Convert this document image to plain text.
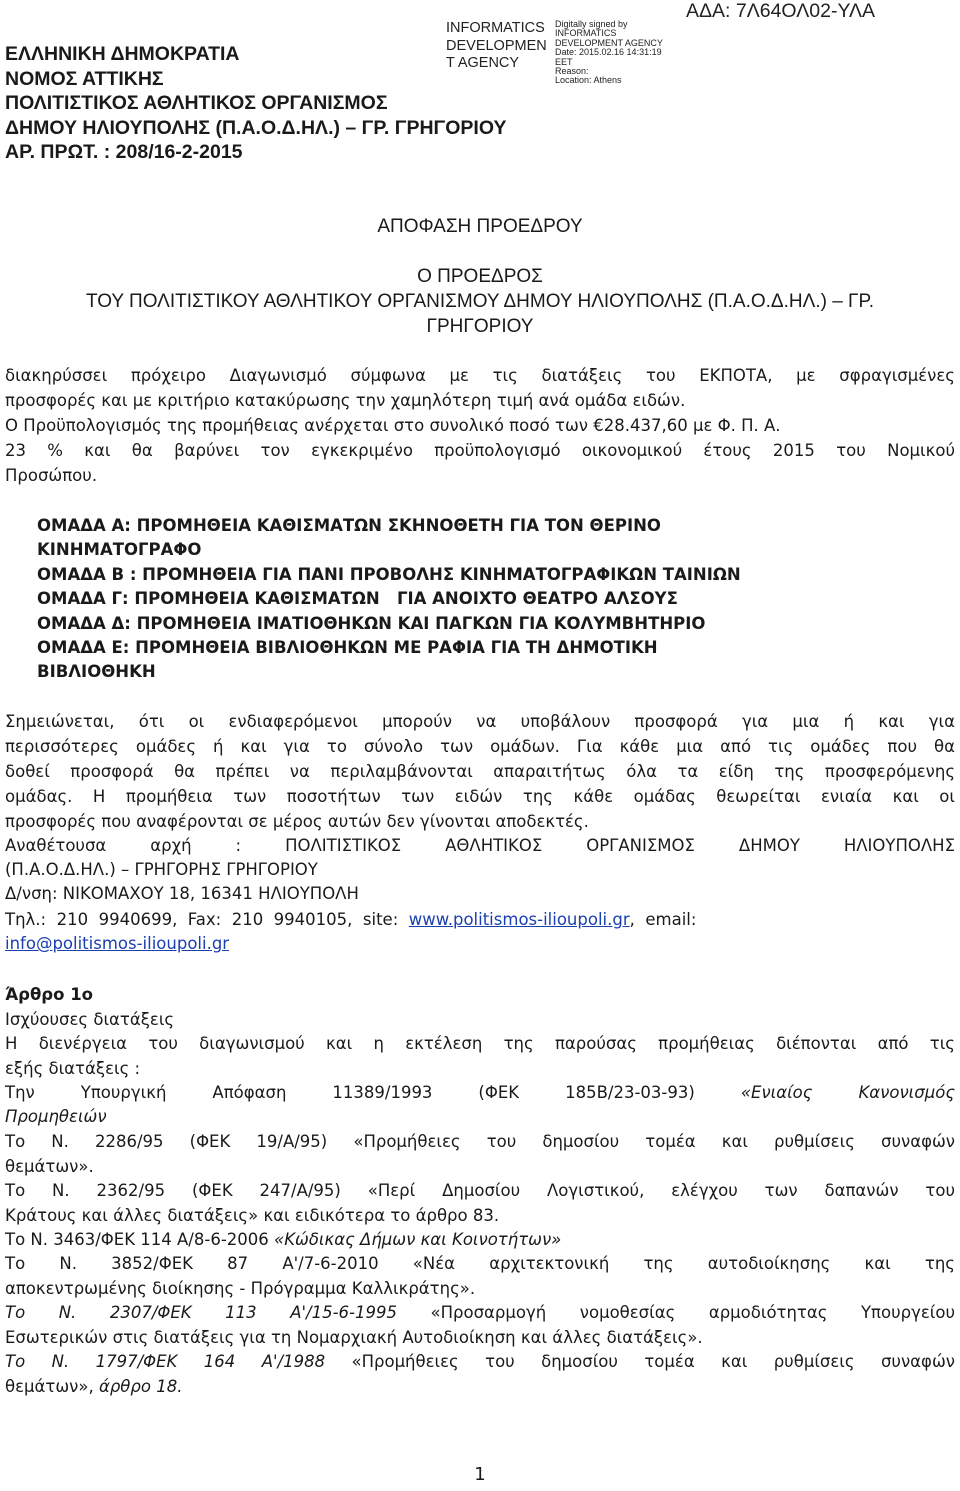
ΕΛΛΗΝΙΚΗ ΔΗΜΟΚΡΑΤΙΑ
ΝΟΜΟΣ ΑΤΤΙΚΗΣ
ΠΟΛΙΤΙΣΤΙΚΟΣ ΑΘΛΗΤΙΚΟΣ ΟΡΓΑΝΙΣΜΟΣ
ΔΗΜΟΥ ΗΛΙΟΥΠΟΛΗΣ (Π.Α.Ο.Δ.ΗΛ.) – ΓΡ. ΓΡΗΓΟΡΙΟΥ
ΑΡ. ΠΡΩΤ. : 208/16-2-2015
INFORMATICS
DEVELOPMEN
T AGENCY
Digitally signed by
INFORMATICS
DEVELOPMENT AGENCY
Date: 2015.02.16 14:31:19
EET
Reason:
Location: Athens
ΑΔΑ: 7Λ64ΟΛ02-ΥΛΑ
ΑΠΟΦΑΣΗ ΠΡΟΕΔΡΟΥ
Ο ΠΡΟΕΔΡΟΣ
ΤΟΥ ΠΟΛΙΤΙΣΤΙΚΟΥ ΑΘΛΗΤΙΚΟΥ ΟΡΓΑΝΙΣΜΟΥ ΔΗΜΟΥ ΗΛΙΟΥΠΟΛΗΣ (Π.Α.Ο.Δ.ΗΛ.) – ΓΡ.
ΓΡΗΓΟΡΙΟΥ
διακηρύσσει πρόχειρο Διαγωνισμό σύμφωνα με τις διατάξεις του ΕΚΠΟΤΑ, με σφραγισμένες
προσφορές και με κριτήριο κατακύρωσης την χαμηλότερη τιμή ανά ομάδα ειδών.
Ο Προϋπολογισμός της προμήθειας ανέρχεται στο συνολικό ποσό των €28.437,60 με Φ. Π. Α.
23 % και θα βαρύνει τον εγκεκριμένο προϋπολογισμό οικονομικού έτους 2015 του Νομικού
Προσώπου.
ΟΜΑΔΑ Α: ΠΡΟΜΗΘΕΙΑ ΚΑΘΙΣΜΑΤΩΝ ΣΚΗΝΟΘΕΤΗ ΓΙΑ ΤΟΝ ΘΕΡΙΝΟ
ΚΙΝΗΜΑΤΟΓΡΑΦΟ
ΟΜΑΔΑ Β : ΠΡΟΜΗΘΕΙΑ ΓΙΑ ΠΑΝΙ ΠΡΟΒΟΛΗΣ ΚΙΝΗΜΑΤΟΓΡΑΦΙΚΩΝ ΤΑΙΝΙΩΝ
ΟΜΑΔΑ Γ: ΠΡΟΜΗΘΕΙΑ ΚΑΘΙΣΜΑΤΩΝ   ΓΙΑ ΑΝΟΙΧΤΟ ΘΕΑΤΡΟ ΑΛΣΟΥΣ
ΟΜΑΔΑ Δ: ΠΡΟΜΗΘΕΙΑ ΙΜΑΤΙΟΘΗΚΩΝ ΚΑΙ ΠΑΓΚΩΝ ΓΙΑ ΚΟΛΥΜΒΗΤΗΡΙΟ
ΟΜΑΔΑ Ε: ΠΡΟΜΗΘΕΙΑ ΒΙΒΛΙΟΘΗΚΩΝ ΜΕ ΡΑΦΙΑ ΓΙΑ ΤΗ ΔΗΜΟΤΙΚΗ
ΒΙΒΛΙΟΘΗΚΗ
Σημειώνεται, ότι οι ενδιαφερόμενοι μπορούν να υποβάλουν προσφορά για μια ή και για
περισσότερες ομάδες ή και για το σύνολο των ομάδων. Για κάθε μια από τις ομάδες που θα
δοθεί προσφορά θα πρέπει να περιλαμβάνονται απαραιτήτως όλα τα είδη της προσφερόμενης
ομάδας. Η προμήθεια των ποσοτήτων των ειδών της κάθε ομάδας θεωρείται ενιαία και οι
προσφορές που αναφέρονται σε μέρος αυτών δεν γίνονται αποδεκτές.
Αναθέτουσα αρχή : ΠΟΛΙΤΙΣΤΙΚΟΣ ΑΘΛΗΤΙΚΟΣ ΟΡΓΑΝΙΣΜΟΣ ΔΗΜΟΥ ΗΛΙΟΥΠΟΛΗΣ
(Π.Α.Ο.Δ.ΗΛ.) – ΓΡΗΓΟΡΗΣ ΓΡΗΓΟΡΙΟΥ
Δ/νση: ΝΙΚΟΜΑΧΟΥ 18, 16341 ΗΛΙΟΥΠΟΛΗ
Τηλ.:  210  9940699,  Fax:  210  9940105,  site:  www.politismos-ilioupoli.gr,  email:
info@politismos-ilioupoli.gr
Άρθρο 1ο
Ισχύουσες διατάξεις
Η διενέργεια του διαγωνισμού και η εκτέλεση της παρούσας προμήθειας διέπονται από τις
εξής διατάξεις :
Την Υπουργική Απόφαση 11389/1993 (ΦΕΚ 185Β/23-03-93) «Ενιαίος Κανονισμός
Προμηθειών
Το Ν. 2286/95 (ΦΕΚ 19/Α/95) «Προμήθειες του δημοσίου τομέα και ρυθμίσεις συναφών
θεμάτων».
Το Ν. 2362/95 (ΦΕΚ 247/Α/95) «Περί Δημοσίου Λογιστικού, ελέγχου των δαπανών του
Κράτους και άλλες διατάξεις» και ειδικότερα το άρθρο 83.
Το Ν. 3463/ΦΕΚ 114 Α/8-6-2006 «Κώδικας Δήμων και Κοινοτήτων»
Το Ν. 3852/ΦΕΚ 87 Α'/7-6-2010 «Νέα αρχιτεκτονική της αυτοδιοίκησης και της
αποκεντρωμένης διοίκησης - Πρόγραμμα Καλλικράτης».
Το Ν. 2307/ΦΕΚ 113 Α'/15-6-1995 «Προσαρμογή νομοθεσίας αρμοδιότητας Υπουργείου
Εσωτερικών στις διατάξεις για τη Νομαρχιακή Αυτοδιοίκηση και άλλες διατάξεις».
Το Ν. 1797/ΦΕΚ 164 Α'/1988 «Προμήθειες του δημοσίου τομέα και ρυθμίσεις συναφών
θεμάτων», άρθρο 18.
1
